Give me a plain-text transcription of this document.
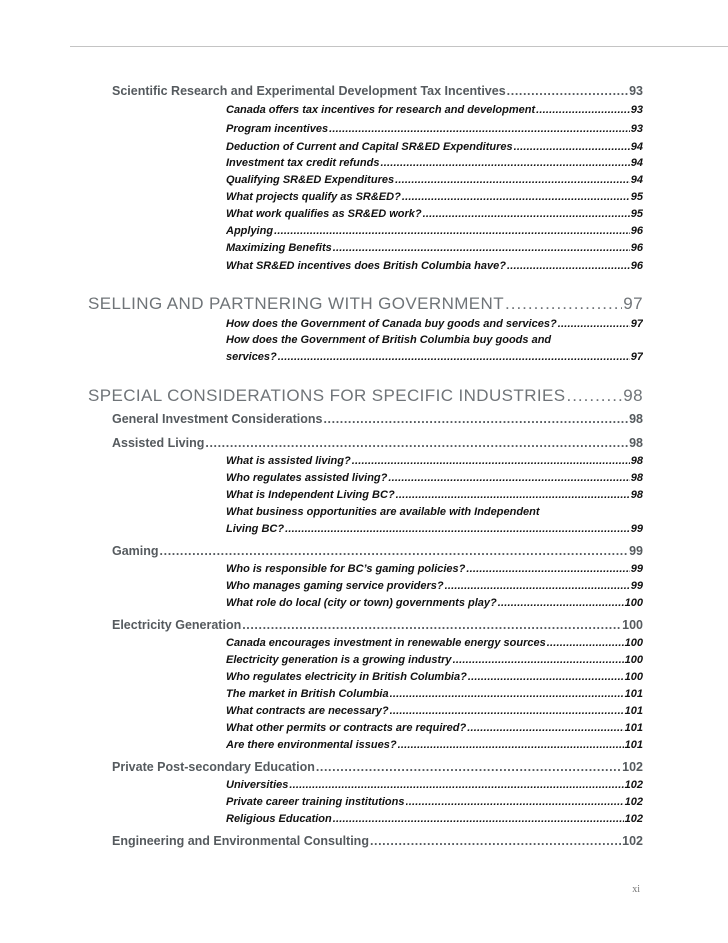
Scientific Research and Experimental Development Tax Incentives .....	93
Canada offers tax incentives for research and development .....	93
Program incentives .....	93
Deduction of Current and Capital SR&ED Expenditures .....	94
Investment tax credit refunds .....	94
Qualifying SR&ED Expenditures .....	94
What projects qualify as SR&ED? .....	95
What work qualifies as SR&ED work? .....	95
Applying .....	96
Maximizing Benefits .....	96
What SR&ED incentives does British Columbia have? .....	96
SELLING AND PARTNERING WITH GOVERNMENT .....	97
How does the Government of Canada buy goods and services? .....	97
How does the Government of British Columbia buy goods and
services? .....	97
SPECIAL CONSIDERATIONS FOR SPECIFIC INDUSTRIES .....	98
General Investment Considerations .....	98
Assisted Living .....	98
What is assisted living? .....	98
Who regulates assisted living? .....	98
What is Independent Living BC? .....	98
What business opportunities are available with Independent
Living BC? .....	99
Gaming .....	99
Who is responsible for BC’s gaming policies? .....	99
Who manages gaming service providers? .....	99
What role do local (city or town) governments play? .....	100
Electricity Generation .....	100
Canada encourages investment in renewable energy sources .....	100
Electricity generation is a growing industry .....	100
Who regulates electricity in British Columbia? .....	100
The market in British Columbia .....	101
What contracts are necessary? .....	101
What other permits or contracts are required? .....	101
Are there environmental issues? .....	101
Private Post-secondary Education .....	102
Universities .....	102
Private career training institutions .....	102
Religious Education .....	102
Engineering and Environmental Consulting .....	102
xi
